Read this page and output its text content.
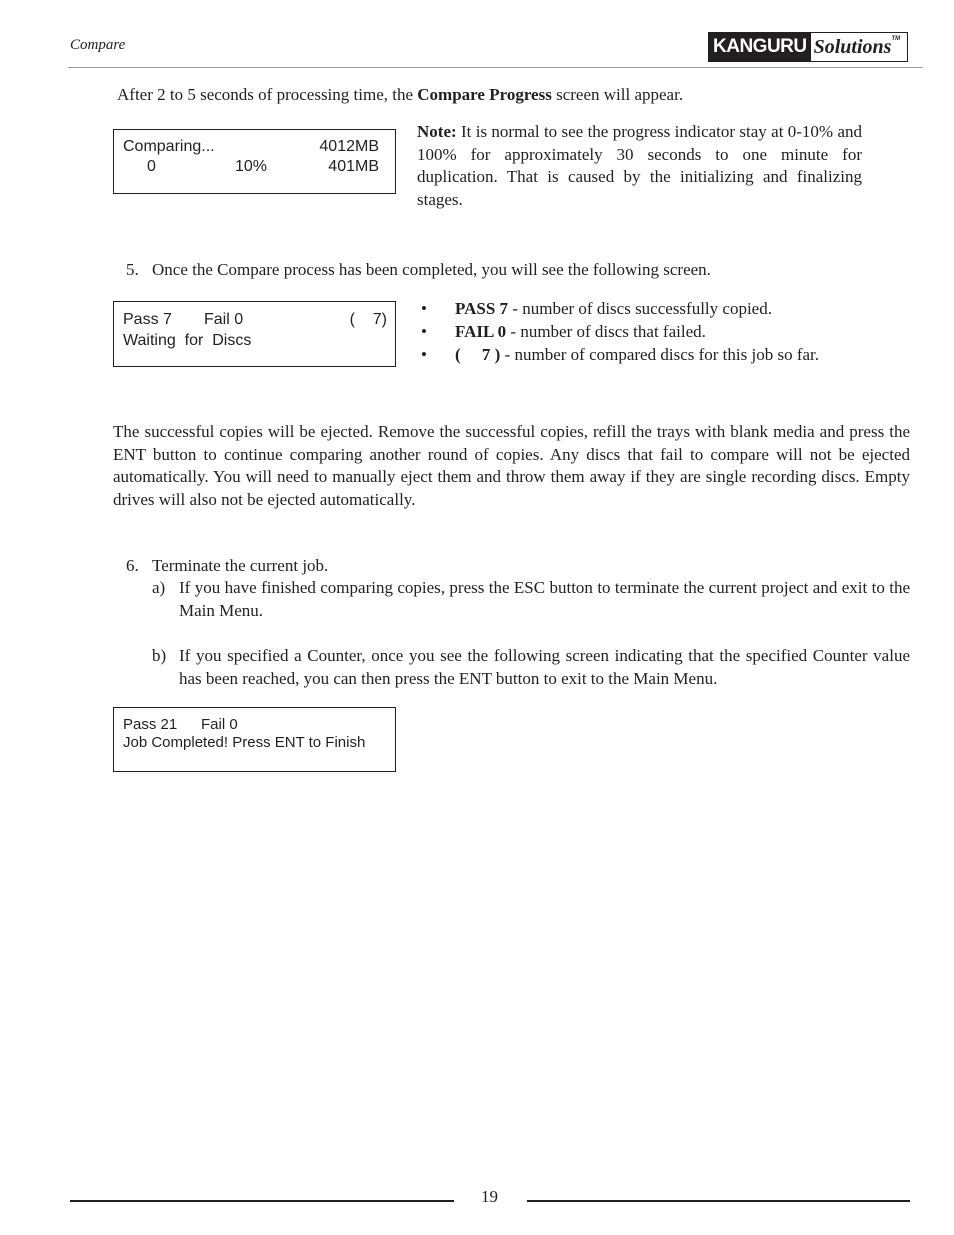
Compare	KANGURU Solutions TM
After 2 to 5 seconds of processing time, the Compare Progress screen will appear.
Comparing...	4012MB
0	10%	401MB
Note: It is normal to see the progress indicator stay at 0-10% and 100% for approximately 30 seconds to one minute for duplication. That is caused by the initializing and finalizing stages.
5. Once the Compare process has been completed, you will see the following screen.
Pass 7 Fail 0	(    7)
Waiting  for  Discs
• PASS 7 - number of discs successfully copied.
• FAIL 0 - number of discs that failed.
• (     7 ) - number of compared discs for this job so far.
The successful copies will be ejected. Remove the successful copies, refill the trays with blank media and press the ENT button to continue comparing another round of copies. Any discs that fail to compare will not be ejected automatically. You will need to manually eject them and throw them away if they are single recording discs. Empty drives will also not be ejected automatically.
6. Terminate the current job.
a) If you have finished comparing copies, press the ESC button to terminate the current project and exit to the Main Menu.
b) If you specified a Counter, once you see the following screen indicating that the specified Counter value has been reached, you can then press the ENT button to exit to the Main Menu.
Pass 21 Fail 0
Job Completed! Press ENT to Finish
19
